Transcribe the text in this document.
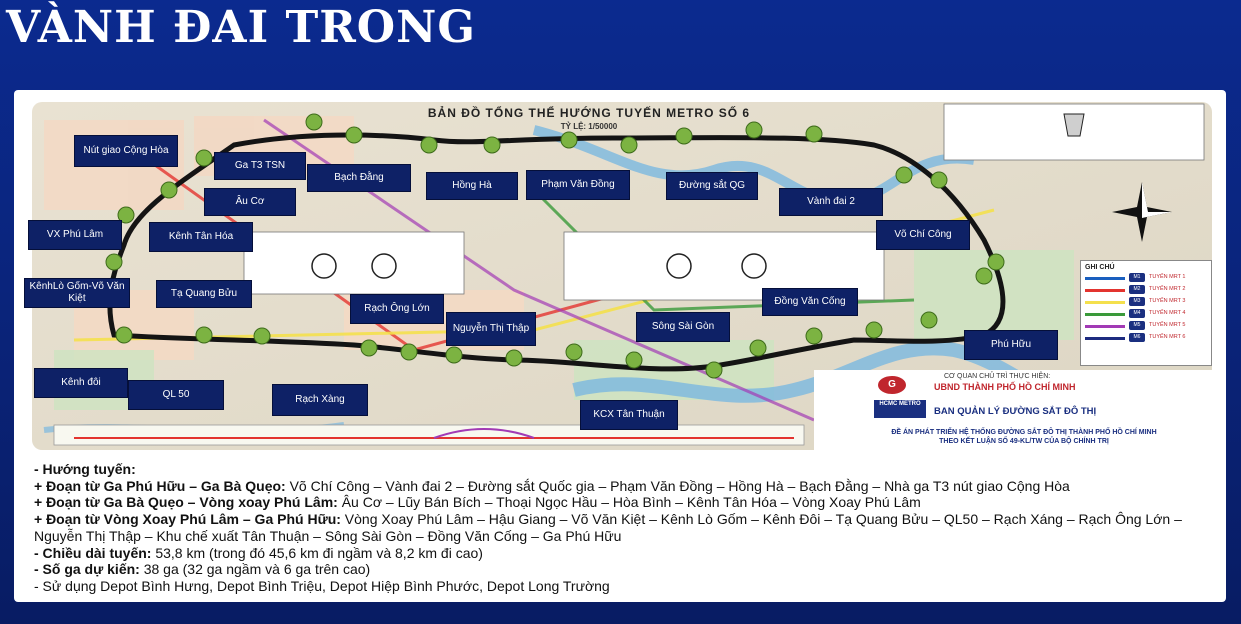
VÀNH ĐAI TRONG
BẢN ĐỒ TỔNG THỂ HƯỚNG TUYẾN METRO SỐ 6
TỶ LỆ: 1/50000
Nút giao Cộng Hòa
Ga T3 TSN
Bạch Đằng
Hồng Hà	Phạm Văn Đồng	Đường sắt QG
Vành đai 2
Âu Cơ
Kênh Tân Hóa
VX Phú Lâm	Võ Chí Công
KênhLò Gốm-Võ Văn Kiệt	Tạ Quang Bửu
Rạch Ông Lớn
Nguyễn Thị Thập
Đồng Văn Cống
Sông Sài Gòn
Phú Hữu
Kênh đôi
QL 50	Rạch Xàng
KCX Tân Thuận
GHI CHÚ
M1	TUYẾN MRT 1
M2	TUYẾN MRT 2
M3	TUYẾN MRT 3
M4	TUYẾN MRT 4
M5	TUYẾN MRT 5
M6	TUYẾN MRT 6
G
CƠ QUAN CHỦ TRÌ THỰC HIỆN:
UBND THÀNH PHỐ HỒ CHÍ MINH
HCMC METRO
BAN QUẢN LÝ ĐƯỜNG SẮT ĐÔ THỊ
ĐỀ ÁN PHÁT TRIỂN HỆ THỐNG ĐƯỜNG SẮT ĐÔ THỊ THÀNH PHỐ HỒ CHÍ MINH
THEO KẾT LUẬN SỐ 49-KL/TW CỦA BỘ CHÍNH TRỊ

- Hướng tuyến:

+ Đoạn từ Ga Phú Hữu – Ga Bà Quẹo: Võ Chí Công – Vành đai 2 – Đường sắt Quốc gia – Phạm Văn Đồng – Hồng Hà – Bạch Đằng – Nhà ga T3 nút giao Cộng Hòa

+ Đoạn từ Ga Bà Quẹo – Vòng xoay Phú Lâm: Âu Cơ – Lũy Bán Bích – Thoại Ngọc Hầu – Hòa Bình – Kênh Tân Hóa – Vòng Xoay Phú Lâm

+ Đoạn từ Vòng Xoay Phú Lâm – Ga Phú Hữu: Vòng Xoay Phú Lâm – Hậu Giang – Võ Văn Kiệt – Kênh Lò Gốm – Kênh Đôi – Tạ Quang Bửu – QL50 – Rạch Xáng – Rạch Ông Lớn – Nguyễn Thị Thập – Khu chế xuất Tân Thuận – Sông Sài Gòn – Đồng Văn Cống – Ga Phú Hữu

- Chiều dài tuyến: 53,8 km (trong đó 45,6 km đi ngầm và 8,2 km đi cao)

- Số ga dự kiến: 38 ga (32 ga ngầm và 6 ga trên cao)

- Sử dụng Depot Bình Hưng, Depot Bình Triệu, Depot Hiệp Bình Phước, Depot Long Trường
